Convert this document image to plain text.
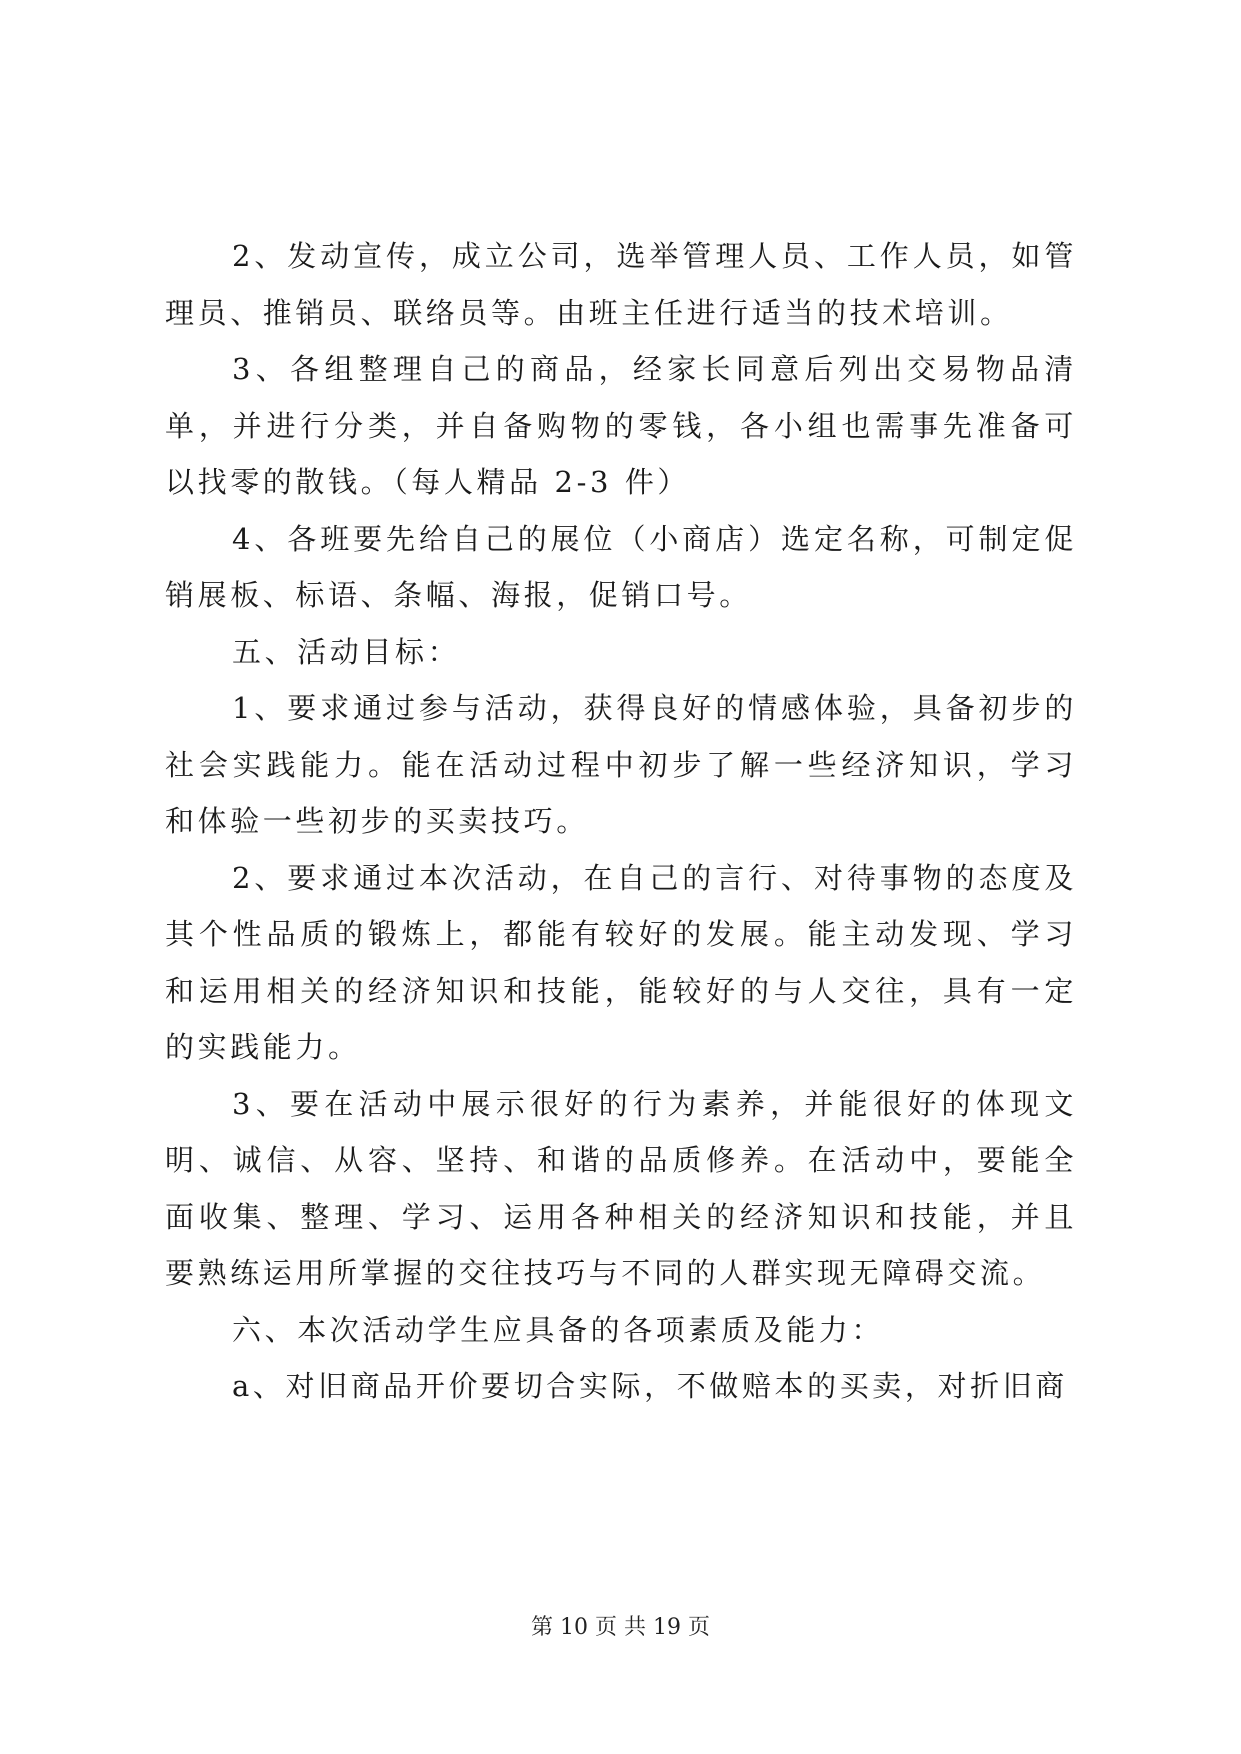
2、发动宣传，成立公司，选举管理人员、工作人员，如管理员、推销员、联络员等。由班主任进行适当的技术培训。

3、各组整理自己的商品，经家长同意后列出交易物品清单，并进行分类，并自备购物的零钱，各小组也需事先准备可以找零的散钱。（每人精品 2-3 件）

4、各班要先给自己的展位（小商店）选定名称，可制定促销展板、标语、条幅、海报，促销口号。

五、活动目标：

1、要求通过参与活动，获得良好的情感体验，具备初步的社会实践能力。能在活动过程中初步了解一些经济知识，学习和体验一些初步的买卖技巧。

2、要求通过本次活动，在自己的言行、对待事物的态度及其个性品质的锻炼上，都能有较好的发展。能主动发现、学习和运用相关的经济知识和技能，能较好的与人交往，具有一定的实践能力。

3、要在活动中展示很好的行为素养，并能很好的体现文明、诚信、从容、坚持、和谐的品质修养。在活动中，要能全面收集、整理、学习、运用各种相关的经济知识和技能，并且要熟练运用所掌握的交往技巧与不同的人群实现无障碍交流。

六、本次活动学生应具备的各项素质及能力：

a、对旧商品开价要切合实际，不做赔本的买卖，对折旧商

第 10 页 共 19 页
